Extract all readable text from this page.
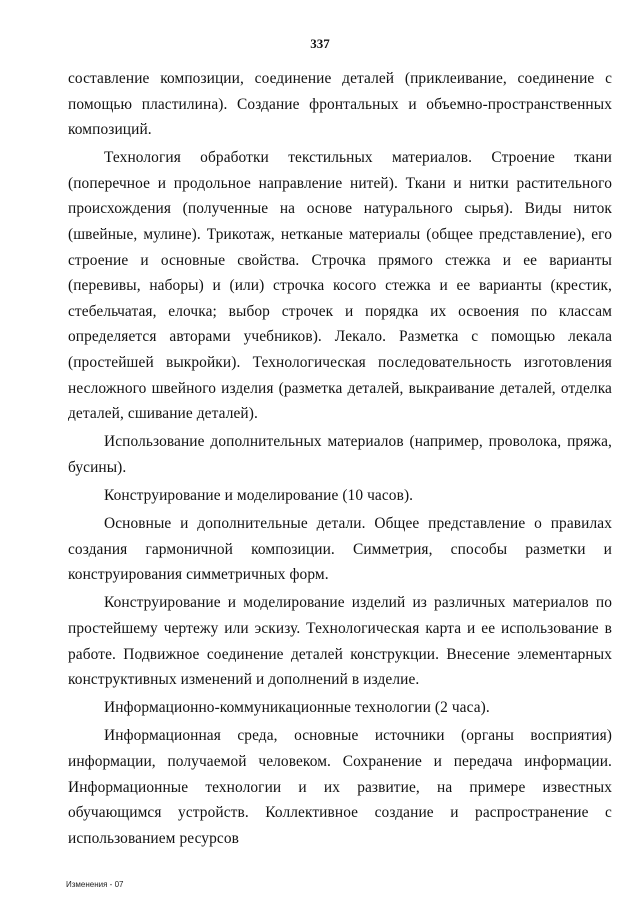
337

составление композиции, соединение деталей (приклеивание, соединение с помощью пластилина). Создание фронтальных и объемно-пространственных композиций.

Технология обработки текстильных материалов. Строение ткани (поперечное и продольное направление нитей). Ткани и нитки растительного происхождения (полученные на основе натурального сырья). Виды ниток (швейные, мулине). Трикотаж, нетканые материалы (общее представление), его строение и основные свойства. Строчка прямого стежка и ее варианты (перевивы, наборы) и (или) строчка косого стежка и ее варианты (крестик, стебельчатая, елочка; выбор строчек и порядка их освоения по классам определяется авторами учебников). Лекало. Разметка с помощью лекала (простейшей выкройки). Технологическая последовательность изготовления несложного швейного изделия (разметка деталей, выкраивание деталей, отделка деталей, сшивание деталей).

Использование дополнительных материалов (например, проволока, пряжа, бусины).

Конструирование и моделирование (10 часов).

Основные и дополнительные детали. Общее представление о правилах создания гармоничной композиции. Симметрия, способы разметки и конструирования симметричных форм.

Конструирование и моделирование изделий из различных материалов по простейшему чертежу или эскизу. Технологическая карта и ее использование в работе. Подвижное соединение деталей конструкции. Внесение элементарных конструктивных изменений и дополнений в изделие.

Информационно-коммуникационные технологии (2 часа).

Информационная среда, основные источники (органы восприятия) информации, получаемой человеком. Сохранение и передача информации. Информационные технологии и их развитие, на примере известных обучающимся устройств. Коллективное создание и распространение с использованием ресурсов

Изменения - 07
